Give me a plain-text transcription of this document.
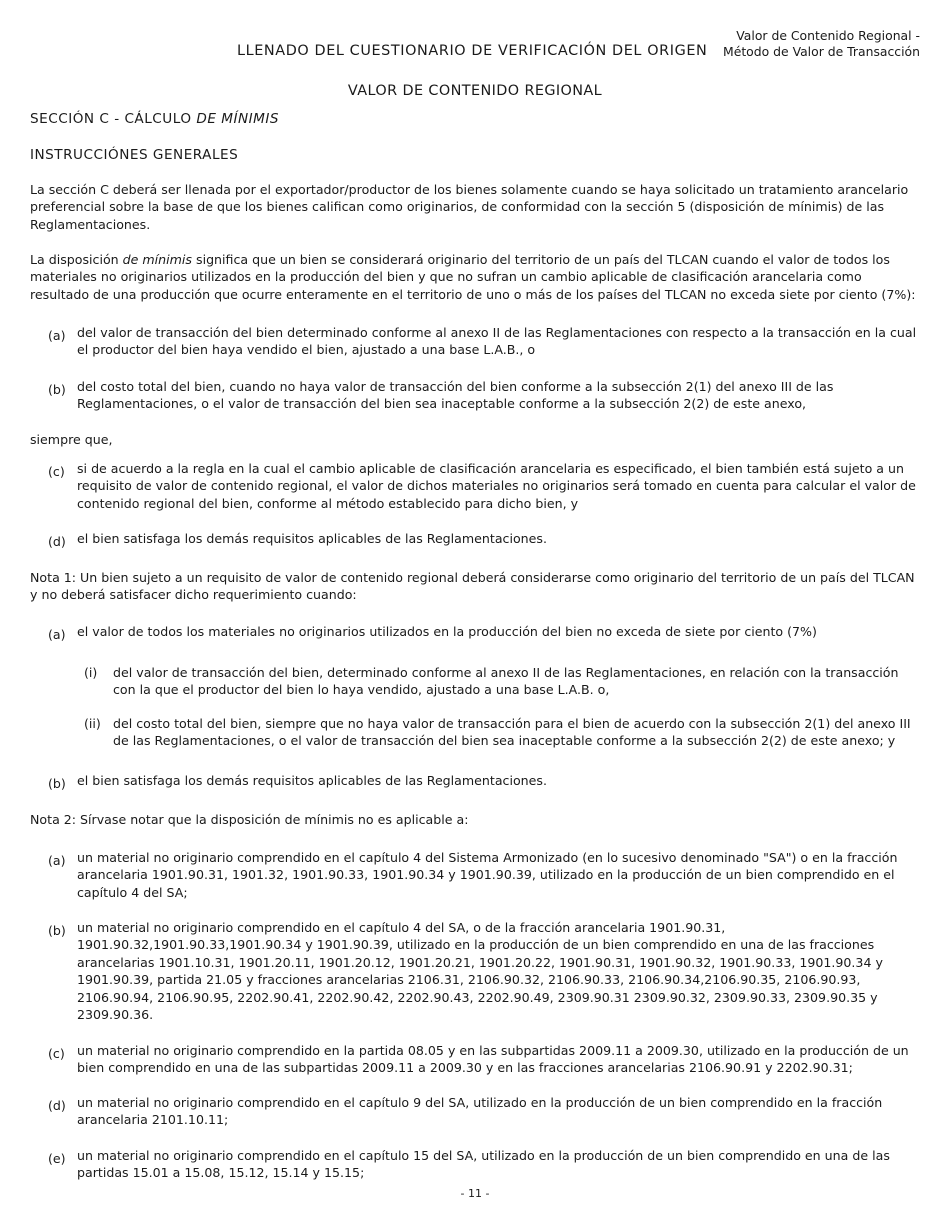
Valor de Contenido Regional -
Método de Valor de Transacción
LLENADO DEL CUESTIONARIO DE VERIFICACIÓN DEL ORIGEN
VALOR DE CONTENIDO REGIONAL
SECCIÓN C - CÁLCULO DE MÍNIMIS
INSTRUCCIÓNES GENERALES
La sección C deberá ser llenada por el exportador/productor de los bienes solamente cuando se haya solicitado un tratamiento arancelario preferencial sobre la base de que los bienes califican como originarios, de conformidad con la sección 5 (disposición de mínimis) de las Reglamentaciones.
La disposición de mínimis significa que un bien se considerará originario del territorio de un país del TLCAN cuando el valor de todos los materiales no originarios utilizados en la producción del bien y que no sufran un cambio aplicable de clasificación arancelaria como resultado de una producción que ocurre enteramente en el territorio de uno o más de los países del TLCAN no exceda siete por ciento (7%):
(a) del valor de transacción del bien determinado conforme al anexo II de las Reglamentaciones con respecto a la transacción en la cual el productor del bien haya vendido el bien, ajustado a una base L.A.B., o
(b) del costo total del bien, cuando no haya valor de transacción del bien conforme a la subsección 2(1) del anexo III de las Reglamentaciones, o el valor de transacción del bien sea inaceptable conforme a la subsección 2(2) de este anexo,
siempre que,
(c) si de acuerdo a la regla en la cual el cambio aplicable de clasificación arancelaria es especificado, el bien también está sujeto a un requisito de valor de contenido regional, el valor de dichos materiales no originarios será tomado en cuenta para calcular el valor de contenido regional del bien, conforme al método establecido para dicho bien, y
(d) el bien satisfaga los demás requisitos aplicables de las Reglamentaciones.
Nota 1: Un bien sujeto a un requisito de valor de contenido regional deberá considerarse como originario del territorio de un país del TLCAN y no deberá satisfacer dicho requerimiento cuando:
(a) el valor de todos los materiales no originarios utilizados en la producción del bien no exceda de siete por ciento (7%)
(i) del valor de transacción del bien, determinado conforme al anexo II de las Reglamentaciones, en relación con la transacción con la que el productor del bien lo haya vendido, ajustado a una base L.A.B. o,
(ii) del costo total del bien, siempre que no haya valor de transacción para el bien de acuerdo con la subsección 2(1) del anexo III de las Reglamentaciones, o el valor de transacción del bien sea inaceptable conforme a la subsección 2(2) de este anexo; y
(b) el bien satisfaga los demás requisitos aplicables de las Reglamentaciones.
Nota 2: Sírvase notar que la disposición de mínimis no es aplicable a:
(a) un material no originario comprendido en el capítulo 4 del Sistema Armonizado (en lo sucesivo denominado "SA") o en la fracción arancelaria 1901.90.31, 1901.32, 1901.90.33, 1901.90.34 y 1901.90.39, utilizado en la producción de un bien comprendido en el capítulo 4 del SA;
(b) un material no originario comprendido en el capítulo 4 del SA, o de la fracción arancelaria 1901.90.31, 1901.90.32,1901.90.33,1901.90.34 y 1901.90.39, utilizado en la producción de un bien comprendido en una de las fracciones arancelarias 1901.10.31, 1901.20.11, 1901.20.12, 1901.20.21, 1901.20.22, 1901.90.31, 1901.90.32, 1901.90.33, 1901.90.34 y 1901.90.39, partida 21.05 y fracciones arancelarias 2106.31, 2106.90.32, 2106.90.33, 2106.90.34,2106.90.35, 2106.90.93, 2106.90.94, 2106.90.95, 2202.90.41, 2202.90.42, 2202.90.43, 2202.90.49, 2309.90.31 2309.90.32, 2309.90.33, 2309.90.35 y 2309.90.36.
(c) un material no originario comprendido en la partida 08.05 y en las subpartidas 2009.11 a 2009.30, utilizado en la producción de un bien comprendido en una de las subpartidas 2009.11 a 2009.30 y en las fracciones arancelarias 2106.90.91 y 2202.90.31;
(d) un material no originario comprendido en el capítulo 9 del SA, utilizado en la producción de un bien comprendido en la fracción arancelaria 2101.10.11;
(e) un material no originario comprendido en el capítulo 15 del SA, utilizado en la producción de un bien comprendido en una de las partidas 15.01 a 15.08, 15.12, 15.14 y 15.15;
- 11 -
